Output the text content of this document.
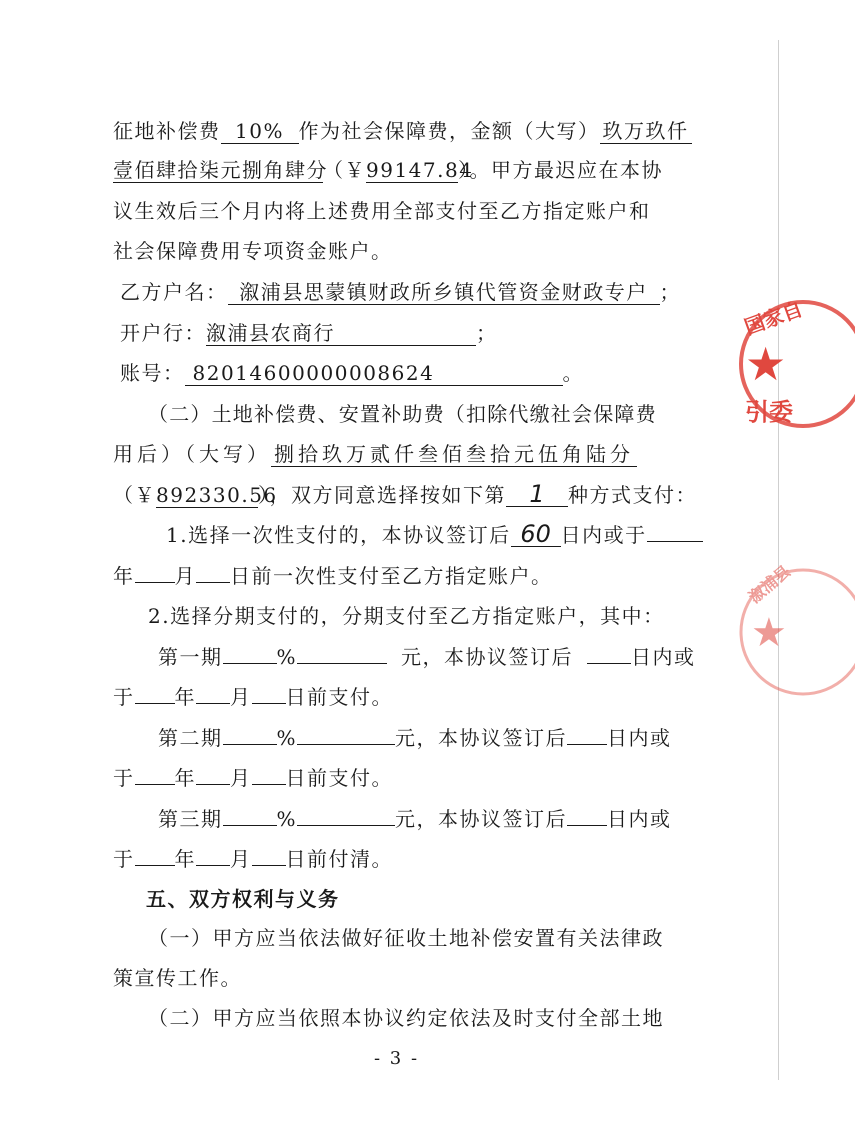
征地补偿费 10% 作为社会保障费，金额（大写） 玖万玖仟
壹佰肆拾柒元捌角肆分（￥99147.84）。甲方最迟应在本协
议生效后三个月内将上述费用全部支付至乙方指定账户和
社会保障费用专项资金账户。
乙方户名： 溆浦县思蒙镇财政所乡镇代管资金财政专户 ；
开户行：溆浦县农商行	；
账号： 82014600000008624	。
（二）土地补偿费、安置补助费（扣除代缴社会保障费
用后）（大写） 捌拾玖万贰仟叁佰叁拾元伍角陆分
（￥892330.56），双方同意选择按如下第 1 种方式支付：
1.选择一次性支付的，本协议签订后 60 日内或于
年 月 日前一次性支付至乙方指定账户。
2.选择分期支付的，分期支付至乙方指定账户，其中：
第一期	%	元，本协议签订后	日内或
于 年 月 日前支付。
第二期	%	元，本协议签订后 日内或
于 年 月 日前支付。
第三期	%	元，本协议签订后 日内或
于 年 月 日前付清。
五、双方权利与义务
（一）甲方应当依法做好征收土地补偿安置有关法律政
策宣传工作。
（二）甲方应当依照本协议约定依法及时支付全部土地
- 3 -
国家自
★
引委
溆浦县
★
